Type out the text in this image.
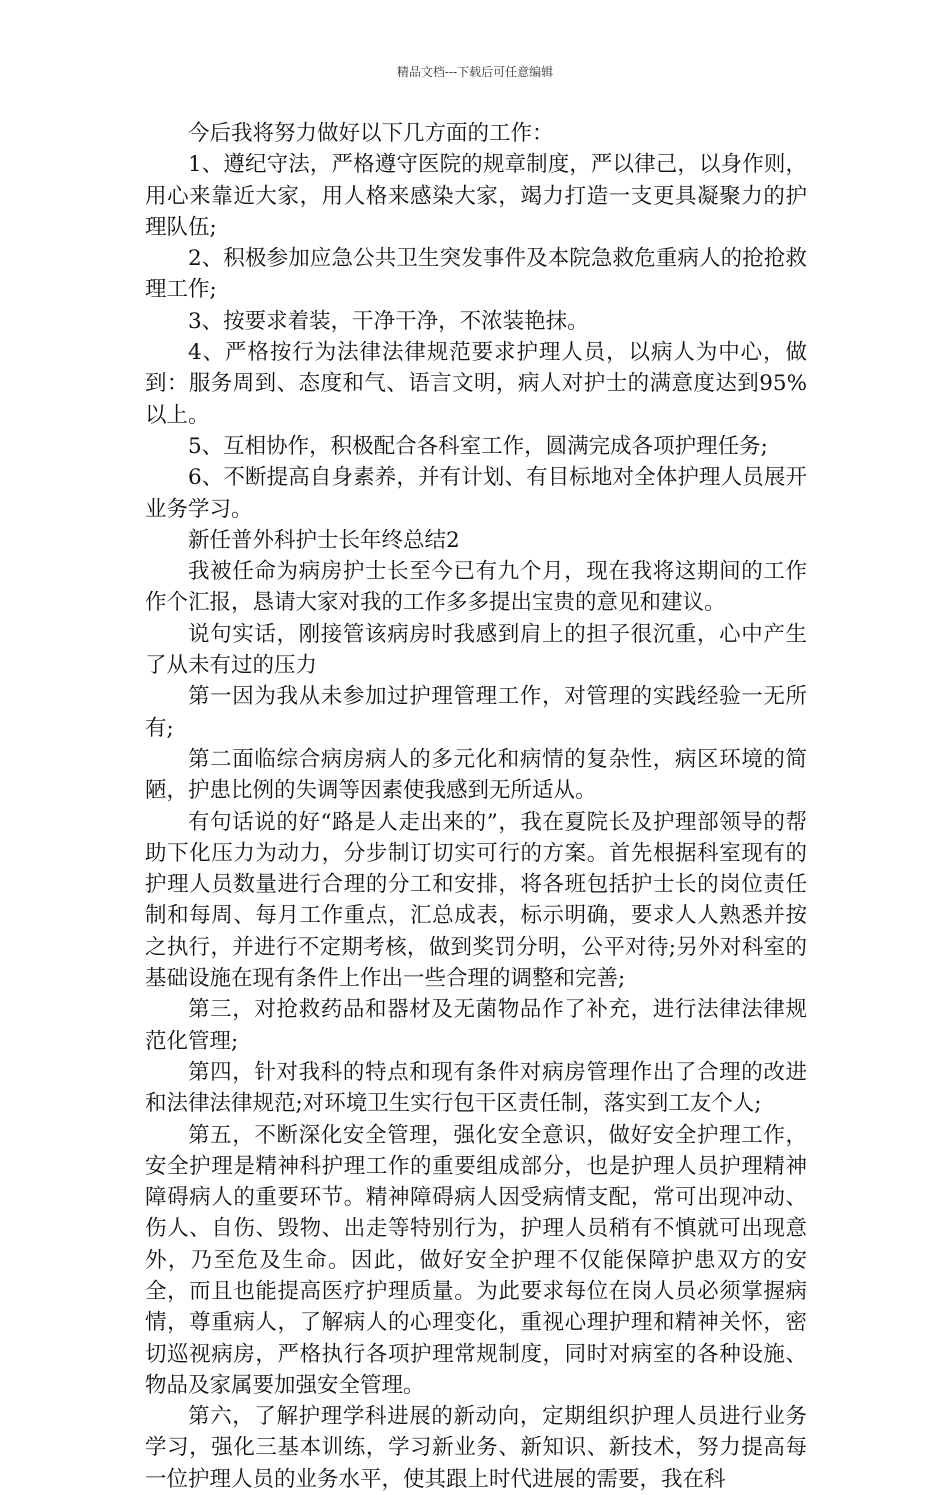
精品文档---下载后可任意编辑

今后我将努力做好以下几方面的工作：

1、遵纪守法，严格遵守医院的规章制度，严以律己，以身作则，用心来靠近大家，用人格来感染大家，竭力打造一支更具凝聚力的护理队伍;

2、积极参加应急公共卫生突发事件及本院急救危重病人的抢抢救理工作;

3、按要求着装，干净干净，不浓装艳抹。

4、严格按行为法律法律规范要求护理人员，以病人为中心，做到：服务周到、态度和气、语言文明，病人对护士的满意度达到95%以上。

5、互相协作，积极配合各科室工作，圆满完成各项护理任务;

6、不断提高自身素养，并有计划、有目标地对全体护理人员展开业务学习。

新任普外科护士长年终总结2

我被任命为病房护士长至今已有九个月，现在我将这期间的工作作个汇报，恳请大家对我的工作多多提出宝贵的意见和建议。

说句实话，刚接管该病房时我感到肩上的担子很沉重，心中产生了从未有过的压力

第一因为我从未参加过护理管理工作，对管理的实践经验一无所有;

第二面临综合病房病人的多元化和病情的复杂性，病区环境的简陋，护患比例的失调等因素使我感到无所适从。

有句话说的好“路是人走出来的”，我在夏院长及护理部领导的帮助下化压力为动力，分步制订切实可行的方案。首先根据科室现有的护理人员数量进行合理的分工和安排，将各班包括护士长的岗位责任制和每周、每月工作重点，汇总成表，标示明确，要求人人熟悉并按之执行，并进行不定期考核，做到奖罚分明，公平对待;另外对科室的基础设施在现有条件上作出一些合理的调整和完善;

第三，对抢救药品和器材及无菌物品作了补充，进行法律法律规范化管理;

第四，针对我科的特点和现有条件对病房管理作出了合理的改进和法律法律规范;对环境卫生实行包干区责任制，落实到工友个人;

第五，不断深化安全管理，强化安全意识，做好安全护理工作，安全护理是精神科护理工作的重要组成部分，也是护理人员护理精神障碍病人的重要环节。精神障碍病人因受病情支配，常可出现冲动、伤人、自伤、毁物、出走等特别行为，护理人员稍有不慎就可出现意外，乃至危及生命。因此，做好安全护理不仅能保障护患双方的安全，而且也能提高医疗护理质量。为此要求每位在岗人员必须掌握病情，尊重病人，了解病人的心理变化，重视心理护理和精神关怀，密切巡视病房，严格执行各项护理常规制度，同时对病室的各种设施、物品及家属要加强安全管理。

第六，了解护理学科进展的新动向，定期组织护理人员进行业务学习，强化三基本训练，学习新业务、新知识、新技术，努力提高每一位护理人员的业务水平，使其跟上时代进展的需要，我在科
